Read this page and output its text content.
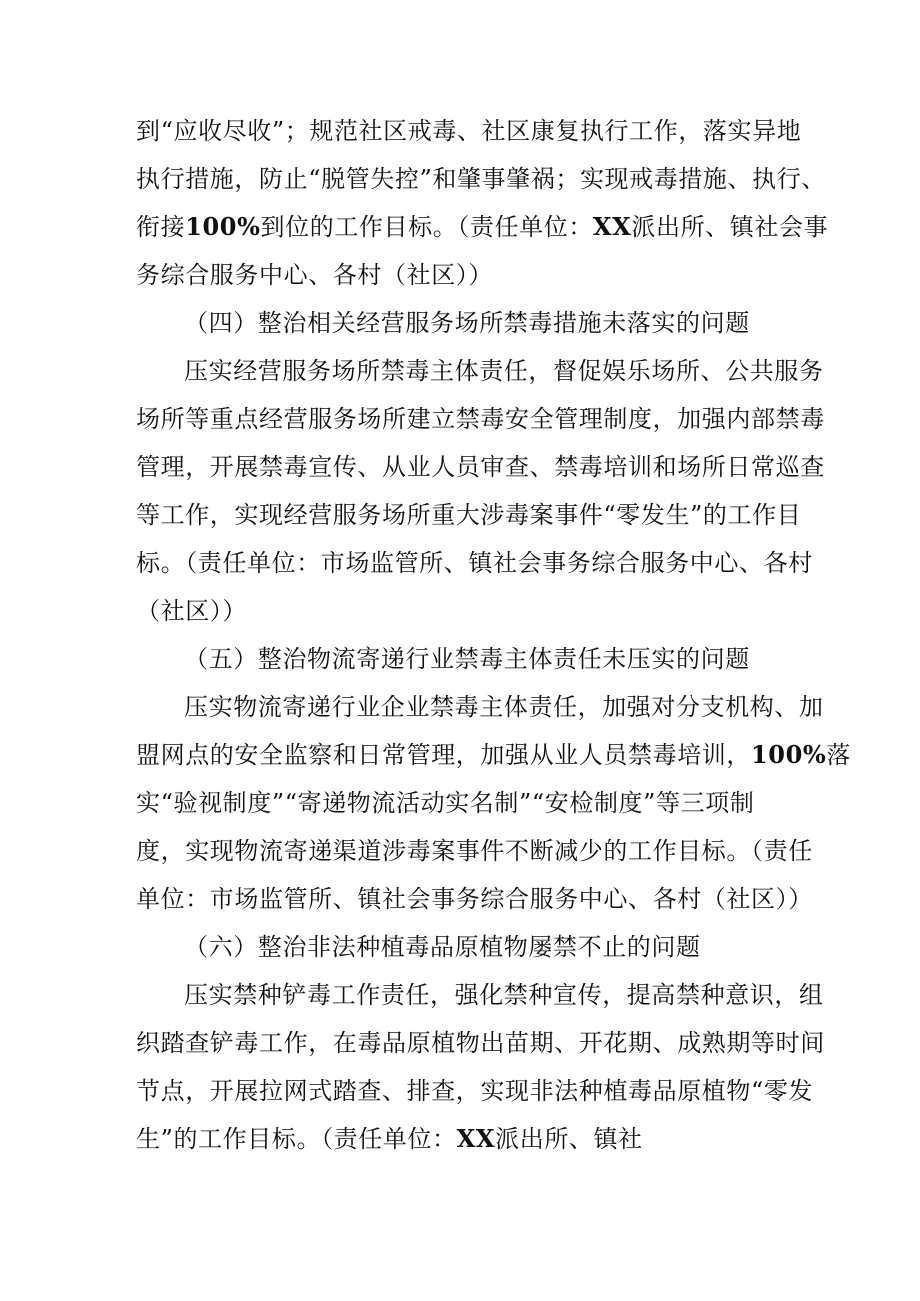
到“应收尽收”；规范社区戒毒、社区康复执行工作，落实异地
执行措施，防止“脱管失控”和肇事肇祸；实现戒毒措施、执行、
衔接100%到位的工作目标。（责任单位：XX派出所、镇社会事
务综合服务中心、各村（社区））
（四）整治相关经营服务场所禁毒措施未落实的问题
压实经营服务场所禁毒主体责任，督促娱乐场所、公共服务
场所等重点经营服务场所建立禁毒安全管理制度，加强内部禁毒
管理，开展禁毒宣传、从业人员审查、禁毒培训和场所日常巡查
等工作，实现经营服务场所重大涉毒案事件“零发生”的工作目
标。（责任单位：市场监管所、镇社会事务综合服务中心、各村
（社区））
（五）整治物流寄递行业禁毒主体责任未压实的问题
压实物流寄递行业企业禁毒主体责任，加强对分支机构、加
盟网点的安全监察和日常管理，加强从业人员禁毒培训，100%落
实“验视制度”“寄递物流活动实名制”“安检制度”等三项制
度，实现物流寄递渠道涉毒案事件不断减少的工作目标。（责任
单位：市场监管所、镇社会事务综合服务中心、各村（社区））
（六）整治非法种植毒品原植物屡禁不止的问题
压实禁种铲毒工作责任，强化禁种宣传，提高禁种意识，组
织踏查铲毒工作，在毒品原植物出苗期、开花期、成熟期等时间
节点，开展拉网式踏查、排查，实现非法种植毒品原植物“零发
生”的工作目标。（责任单位：XX派出所、镇社
